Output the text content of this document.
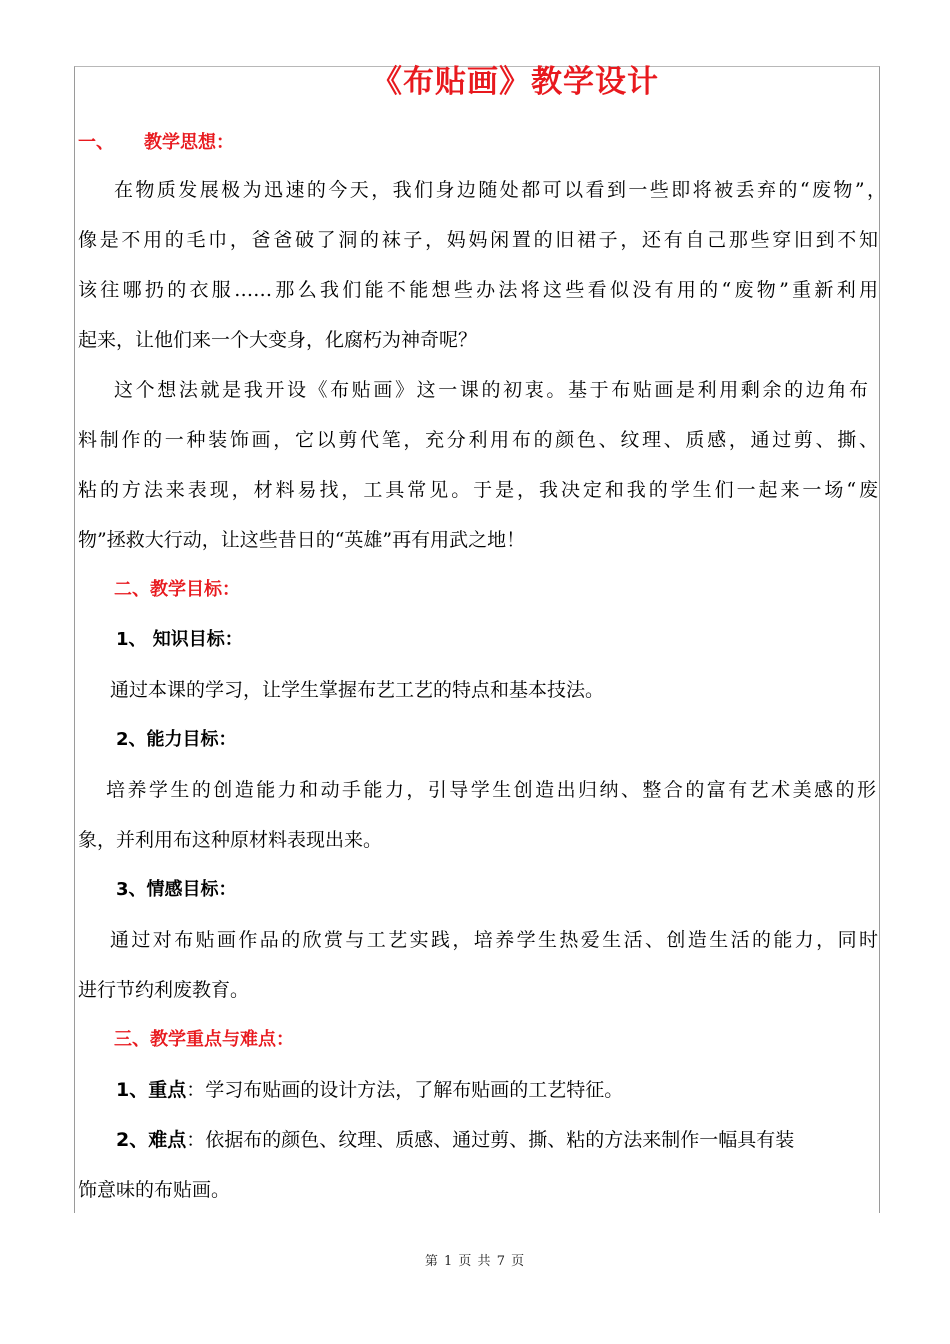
《布贴画》教学设计
一、 教学思想：
在物质发展极为迅速的今天，我们身边随处都可以看到一些即将被丢弃的“废物”，
像是不用的毛巾，爸爸破了洞的袜子，妈妈闲置的旧裙子，还有自己那些穿旧到不知
该往哪扔的衣服……那么我们能不能想些办法将这些看似没有用的“废物”重新利用
起来，让他们来一个大变身，化腐朽为神奇呢？
这个想法就是我开设《布贴画》这一课的初衷。基于布贴画是利用剩余的边角布
料制作的一种装饰画，它以剪代笔，充分利用布的颜色、纹理、质感，通过剪、撕、
粘的方法来表现，材料易找，工具常见。于是，我决定和我的学生们一起来一场“废
物”拯救大行动，让这些昔日的“英雄”再有用武之地！
二、教学目标：
1、 知识目标：
通过本课的学习，让学生掌握布艺工艺的特点和基本技法。
2、能力目标：
培养学生的创造能力和动手能力，引导学生创造出归纳、整合的富有艺术美感的形
象，并利用布这种原材料表现出来。
3、情感目标：
通过对布贴画作品的欣赏与工艺实践，培养学生热爱生活、创造生活的能力，同时
进行节约利废教育。
三、教学重点与难点：
1、重点：学习布贴画的设计方法，了解布贴画的工艺特征。
2、难点：依据布的颜色、纹理、质感、通过剪、撕、粘的方法来制作一幅具有装
饰意味的布贴画。
第 1 页 共 7 页
